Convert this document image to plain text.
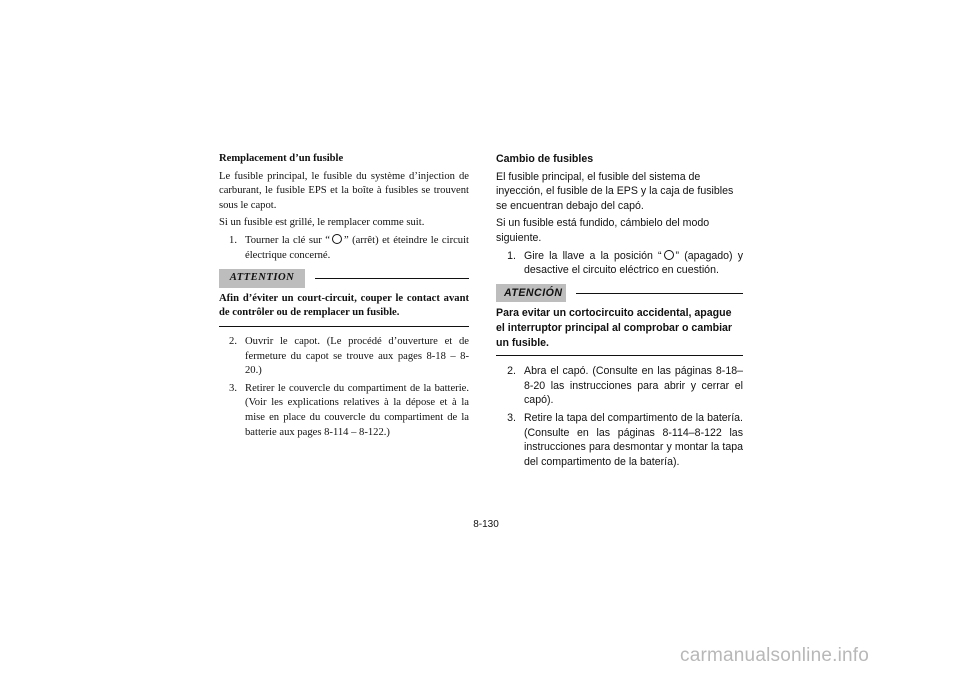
Remplacement d’un fusible

Le fusible principal, le fusible du système d’injection de carburant, le fusible EPS et la boîte à fusibles se trouvent sous le capot.

Si un fusible est grillé, le remplacer comme suit.

1. Tourner la clé sur “ ” (arrêt) et éteindre le circuit électrique concerné.
ATTENTION

Afin d’éviter un court-circuit, couper le contact avant de contrôler ou de remplacer un fusible.

2. Ouvrir le capot. (Le procédé d’ouverture et de fermeture du capot se trouve aux pages 8-18 – 8-20.)
3. Retirer le couvercle du compartiment de la batterie. (Voir les explications relatives à la dépose et à la mise en place du couvercle du compartiment de la batterie aux pages 8-114 – 8-122.)

Cambio de fusibles

El fusible principal, el fusible del sistema de inyección, el fusible de la EPS y la caja de fusibles se encuentran debajo del capó.

Si un fusible está fundido, cámbielo del modo siguiente.

1. Gire la llave a la posición “ ” (apagado) y desactive el circuito eléctrico en cuestión.
ATENCIÓN

Para evitar un cortocircuito accidental, apague el interruptor principal al comprobar o cambiar un fusible.

2. Abra el capó. (Consulte en las páginas 8-18–8-20 las instrucciones para abrir y cerrar el capó).
3. Retire la tapa del compartimento de la batería. (Consulte en las páginas 8-114–8-122 las instrucciones para desmontar y montar la tapa del compartimento de la batería).
8-130
carmanualsonline.info
